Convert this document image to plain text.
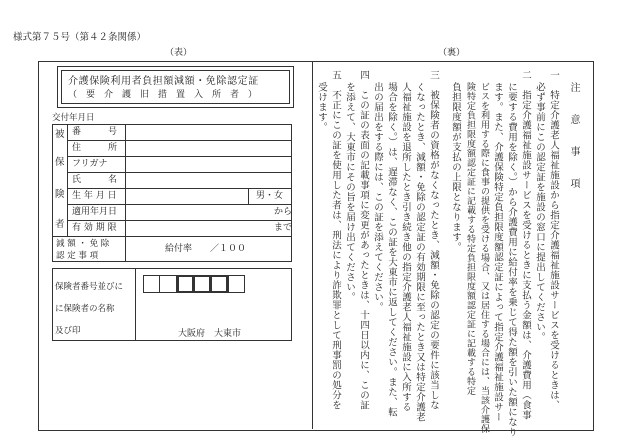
様式第７５号（第４２条関係）
（表）	（裏）
介護保険利用者負担額減額・免除認定証
（　要　介　護　旧　措　置　入　所　者　）
交付年月日
被
保
険
者
番　　　号
住　　　所
フリガナ
氏　　　名
生 年 月 日	男・女
適用年月日	から
有 効 期 限	まで
減 額 ・ 免 除
認 定 事 項
給付率　　／１００
保険者番号並びに
に保険者の名称
及び印	大阪府　大東市
注　意　事　項
一　特定介護老人福祉施設から指定介護福祉施設サービスを受けるときは、
必ず事前にこの認定証を施設の窓口に提出してください。
二　指定介護福祉施設サービスを受けるときに支払う金額は、介護費用（食事
に要する費用を除く。）から介護費用に給付率を乗じて得た額を引いた額になり
ます。また、介護保険特定負担限度額認定証によって指定介護福祉施設サー
ビスを利用する際に食事の提供を受ける場合、又は居住する場合には、当該介護保
険特定負担限度額認定証に記載する特定負担限度額認定証に記載する特定
負担限度額が支払の上限となります。
三　被保険者の資格がなくなったとき、減額・免除の認定の要件に該当しな
くなったとき、減額・免除の認定証の有効期限に至ったとき又は特定介護老
人福祉施設を退所したとき引き続き他の指定介護老人福祉施設に入所する
場合を除く。）は、遅滞なく、この証を大東市に返してください。また、転
出の届出をする際には、この証を添えてください。
四　この証の表面の記載事項に変更があったときは、十四日以内に、この証
を添えて、大東市にその旨を届け出てください。
五　不正にこの証を使用した者は、刑法により詐欺罪として刑事罰の処分を
受けます。
